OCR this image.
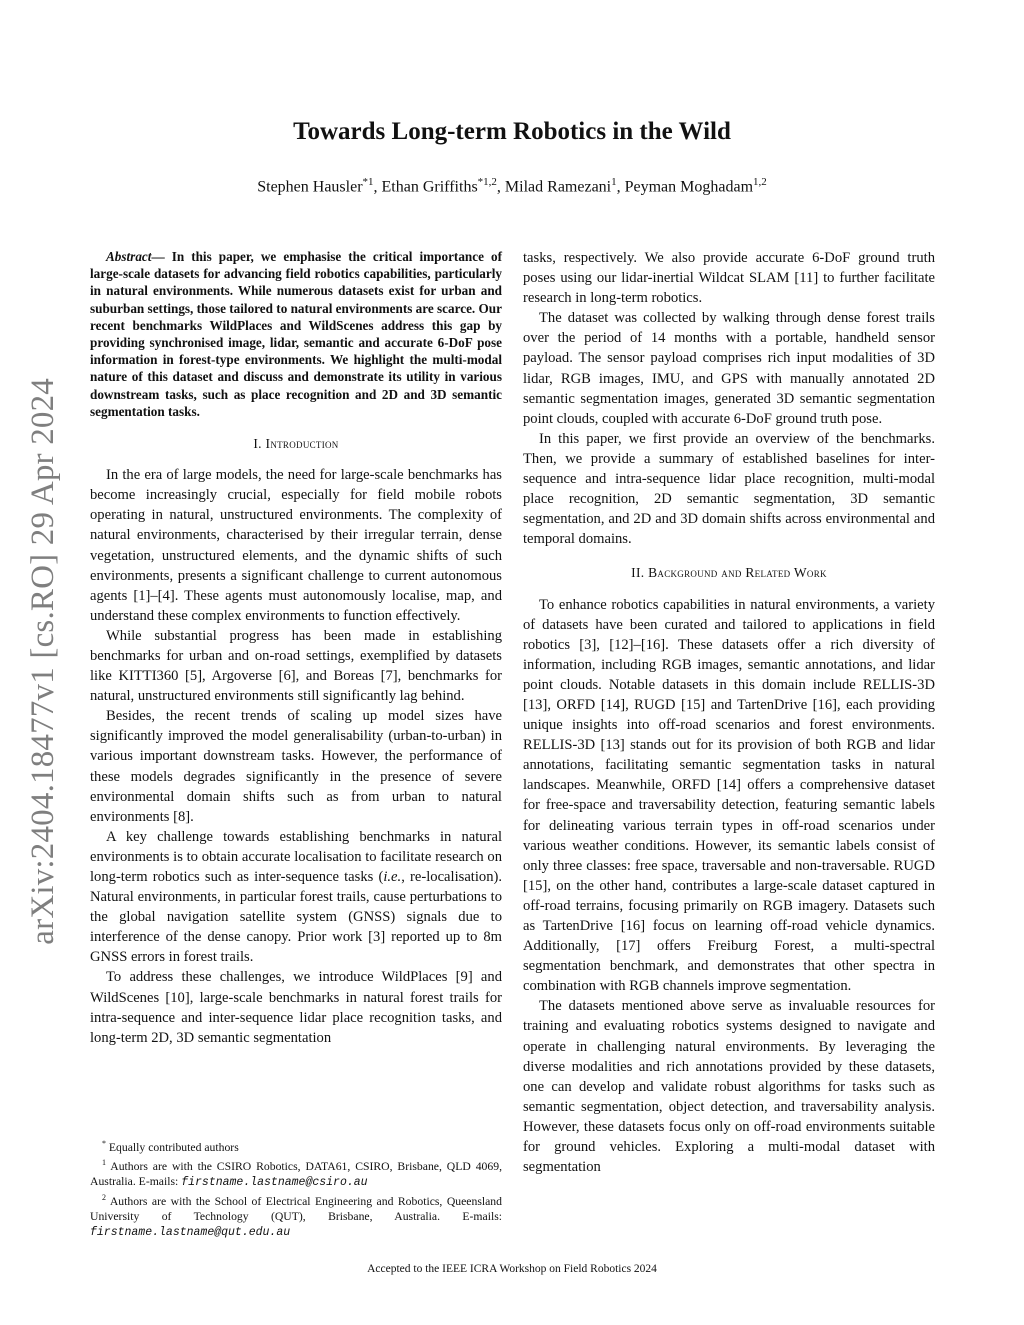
arXiv:2404.18477v1 [cs.RO] 29 Apr 2024
Towards Long-term Robotics in the Wild
Stephen Hausler$^{*1}$, Ethan Griffiths$^{*1,2}$, Milad Ramezani$^1$, Peyman Moghadam$^{1,2}$

Abstract— In this paper, we emphasise the critical importance of large-scale datasets for advancing field robotics capabilities, particularly in natural environments. While numerous datasets exist for urban and suburban settings, those tailored to natural environments are scarce. Our recent benchmarks WildPlaces and WildScenes address this gap by providing synchronised image, lidar, semantic and accurate 6-DoF pose information in forest-type environments. We highlight the multi-modal nature of this dataset and discuss and demonstrate its utility in various downstream tasks, such as place recognition and 2D and 3D semantic segmentation tasks.

I. Introduction

In the era of large models, the need for large-scale benchmarks has become increasingly crucial, especially for field mobile robots operating in natural, unstructured environments. The complexity of natural environments, characterised by their irregular terrain, dense vegetation, unstructured elements, and the dynamic shifts of such environments, presents a significant challenge to current autonomous agents [1]–[4]. These agents must autonomously localise, map, and understand these complex environments to function effectively.

While substantial progress has been made in establishing benchmarks for urban and on-road settings, exemplified by datasets like KITTI360 [5], Argoverse [6], and Boreas [7], benchmarks for natural, unstructured environments still significantly lag behind.

Besides, the recent trends of scaling up model sizes have significantly improved the model generalisability (urban-to-urban) in various important downstream tasks. However, the performance of these models degrades significantly in the presence of severe environmental domain shifts such as from urban to natural environments [8].

A key challenge towards establishing benchmarks in natural environments is to obtain accurate localisation to facilitate research on long-term robotics such as inter-sequence tasks (i.e., re-localisation). Natural environments, in particular forest trails, cause perturbations to the global navigation satellite system (GNSS) signals due to interference of the dense canopy. Prior work [3] reported up to 8m GNSS errors in forest trails.

To address these challenges, we introduce WildPlaces [9] and WildScenes [10], large-scale benchmarks in natural forest trails for intra-sequence and inter-sequence lidar place recognition tasks, and long-term 2D, 3D semantic segmentation

tasks, respectively. We also provide accurate 6-DoF ground truth poses using our lidar-inertial Wildcat SLAM [11] to further facilitate research in long-term robotics.

The dataset was collected by walking through dense forest trails over the period of 14 months with a portable, handheld sensor payload. The sensor payload comprises rich input modalities of 3D lidar, RGB images, IMU, and GPS with manually annotated 2D semantic segmentation images, generated 3D semantic segmentation point clouds, coupled with accurate 6-DoF ground truth pose.

In this paper, we first provide an overview of the benchmarks. Then, we provide a summary of established baselines for inter-sequence and intra-sequence lidar place recognition, multi-modal place recognition, 2D semantic segmentation, 3D semantic segmentation, and 2D and 3D domain shifts across environmental and temporal domains.

II. Background and Related Work

To enhance robotics capabilities in natural environments, a variety of datasets have been curated and tailored to applications in field robotics [3], [12]–[16]. These datasets offer a rich diversity of information, including RGB images, semantic annotations, and lidar point clouds. Notable datasets in this domain include RELLIS-3D [13], ORFD [14], RUGD [15] and TartenDrive [16], each providing unique insights into off-road scenarios and forest environments. RELLIS-3D [13] stands out for its provision of both RGB and lidar annotations, facilitating semantic segmentation tasks in natural landscapes. Meanwhile, ORFD [14] offers a comprehensive dataset for free-space and traversability detection, featuring semantic labels for delineating various terrain types in off-road scenarios under various weather conditions. However, its semantic labels consist of only three classes: free space, traversable and non-traversable. RUGD [15], on the other hand, contributes a large-scale dataset captured in off-road terrains, focusing primarily on RGB imagery. Datasets such as TartenDrive [16] focus on learning off-road vehicle dynamics. Additionally, [17] offers Freiburg Forest, a multi-spectral segmentation benchmark, and demonstrates that other spectra in combination with RGB channels improve segmentation.

The datasets mentioned above serve as invaluable resources for training and evaluating robotics systems designed to navigate and operate in challenging natural environments. By leveraging the diverse modalities and rich annotations provided by these datasets, one can develop and validate robust algorithms for tasks such as semantic segmentation, object detection, and traversability analysis. However, these datasets focus only on off-road environments suitable for ground vehicles. Exploring a multi-modal dataset with segmentation

* Equally contributed authors
$^1$ Authors are with the CSIRO Robotics, DATA61, CSIRO, Brisbane, QLD 4069, Australia. E-mails: firstname.lastname@csiro.au
$^2$ Authors are with the School of Electrical Engineering and Robotics, Queensland University of Technology (QUT), Brisbane, Australia. E-mails: firstname.lastname@qut.edu.au
Accepted to the IEEE ICRA Workshop on Field Robotics 2024
